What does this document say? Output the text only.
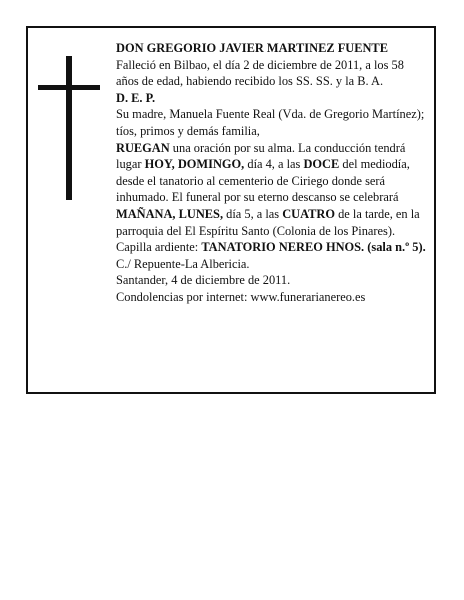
DON GREGORIO JAVIER MARTINEZ FUENTE

Falleció en Bilbao, el día 2 de diciembre de 2011, a los 58 años de edad, habiendo recibido los SS. SS. y la B. A.

D. E. P.

Su madre, Manuela Fuente Real (Vda. de Gregorio Martínez); tíos, primos y demás familia,

RUEGAN una oración por su alma. La conducción tendrá lugar HOY, DOMINGO, día 4, a las DOCE del mediodía, desde el tanatorio al cementerio de Ciriego donde será inhumado. El funeral por su eterno descanso se celebrará MAÑANA, LUNES, día 5, a las CUATRO de la tarde, en la parroquia del El Espíritu Santo (Colonia de los Pinares). Capilla ardiente: TANATORIO NEREO HNOS. (sala n.º 5). C./ Repuente-La Albericia.

Santander, 4 de diciembre de 2011.

Condolencias por internet: www.funerarianereo.es
